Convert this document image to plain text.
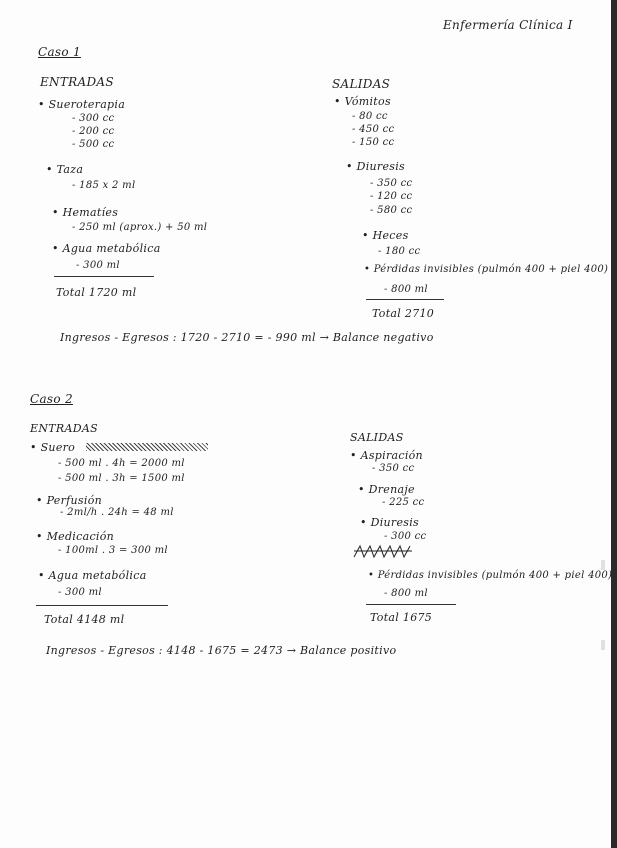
Enfermería Clínica I
Caso 1
ENTRADAS
• Sueroterapia
- 300 cc
- 200 cc
- 500 cc
• Taza
- 185 x 2 ml
• Hematíes
- 250 ml (aprox.) + 50 ml
• Agua metabólica
- 300 ml
Total 1720 ml
SALIDAS
• Vómitos
- 80 cc
- 450 cc
- 150 cc
• Diuresis
- 350 cc
- 120 cc
- 580 cc
• Heces
- 180 cc
• Pérdidas invisibles (pulmón 400 + piel 400)
- 800 ml
Total 2710
Ingresos - Egresos : 1720 - 2710 = - 990 ml → Balance negativo
Caso 2
ENTRADAS
• Suero
- 500 ml . 4h = 2000 ml
- 500 ml . 3h = 1500 ml
• Perfusión
- 2ml/h . 24h = 48 ml
• Medicación
- 100ml . 3 = 300 ml
• Agua metabólica
- 300 ml
Total 4148 ml
SALIDAS
• Aspiración
- 350 cc
• Drenaje
- 225 cc
• Diuresis
- 300 cc
• Pérdidas invisibles (pulmón 400 + piel 400)
- 800 ml
Total 1675
Ingresos - Egresos : 4148 - 1675 = 2473 → Balance positivo
